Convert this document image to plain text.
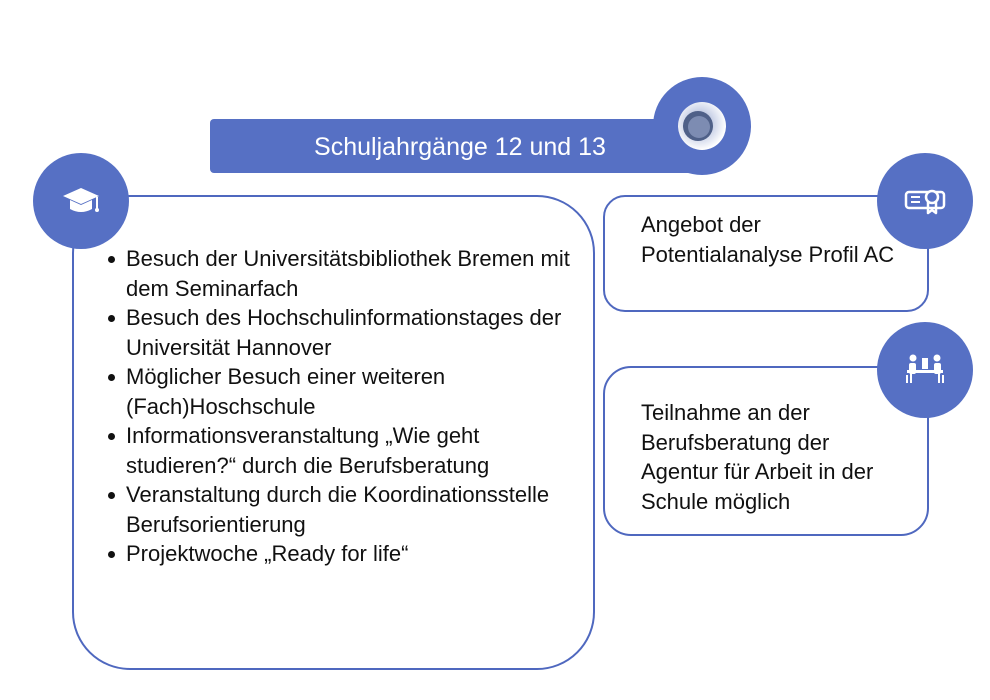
Schuljahrgänge 12 und 13
Besuch der Universitätsbibliothek Bremen mit dem Seminarfach
Besuch des Hochschulinformationstages der Universität Hannover
Möglicher Besuch einer weiteren (Fach)Hoschschule
Informationsveranstaltung „Wie geht studieren?“ durch die Berufsberatung
Veranstaltung durch die Koordinationsstelle Berufsorientierung
Projektwoche „Ready for life“
Angebot der Potentialanalyse Profil AC
Teilnahme an der Berufsberatung der Agentur für Arbeit in der Schule möglich
